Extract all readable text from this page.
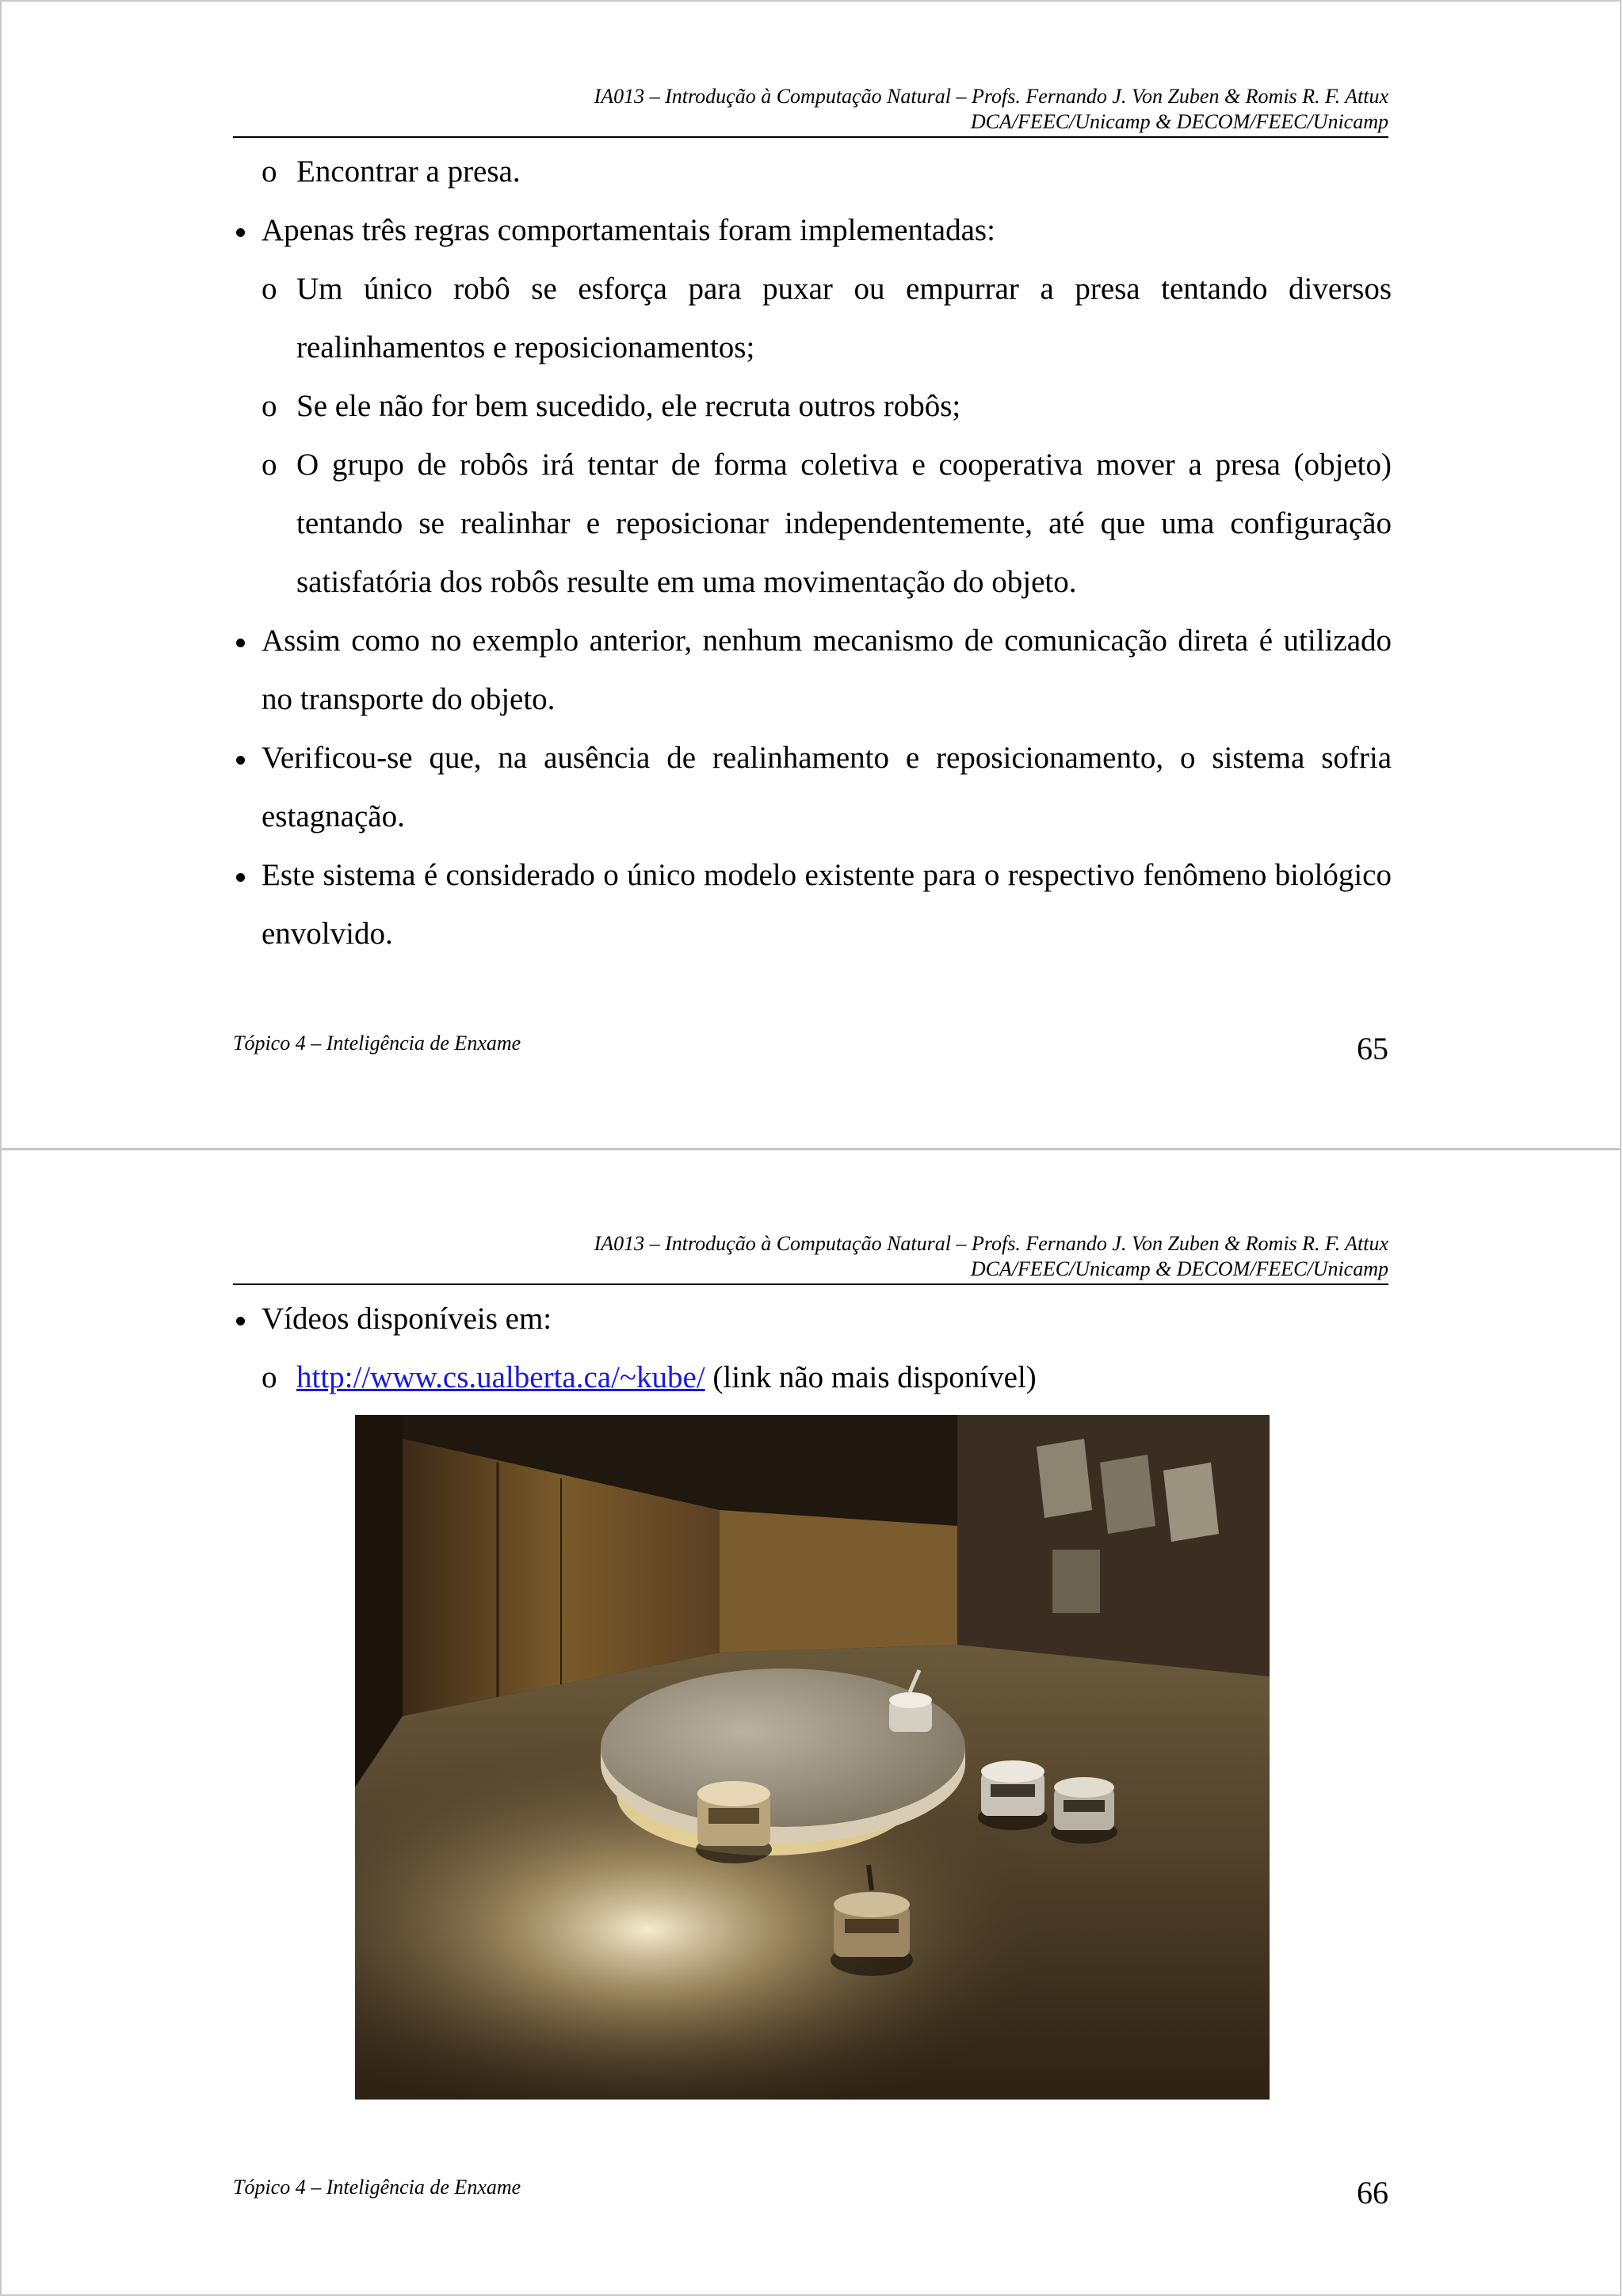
IA013 – Introdução à Computação Natural – Profs. Fernando J. Von Zuben & Romis R. F. Attux
DCA/FEEC/Unicamp & DECOM/FEEC/Unicamp
o Encontrar a presa.
Apenas três regras comportamentais foram implementadas:
o Um único robô se esforça para puxar ou empurrar a presa tentando diversos realinhamentos e reposicionamentos;
o Se ele não for bem sucedido, ele recruta outros robôs;
o O grupo de robôs irá tentar de forma coletiva e cooperativa mover a presa (objeto) tentando se realinhar e reposicionar independentemente, até que uma configuração satisfatória dos robôs resulte em uma movimentação do objeto.
Assim como no exemplo anterior, nenhum mecanismo de comunicação direta é utilizado no transporte do objeto.
Verificou-se que, na ausência de realinhamento e reposicionamento, o sistema sofria estagnação.
Este sistema é considerado o único modelo existente para o respectivo fenômeno biológico envolvido.
Tópico 4 – Inteligência de Enxame	65
IA013 – Introdução à Computação Natural – Profs. Fernando J. Von Zuben & Romis R. F. Attux
DCA/FEEC/Unicamp & DECOM/FEEC/Unicamp
Vídeos disponíveis em:
o http://www.cs.ualberta.ca/~kube/ (link não mais disponível)
Tópico 4 – Inteligência de Enxame	66
